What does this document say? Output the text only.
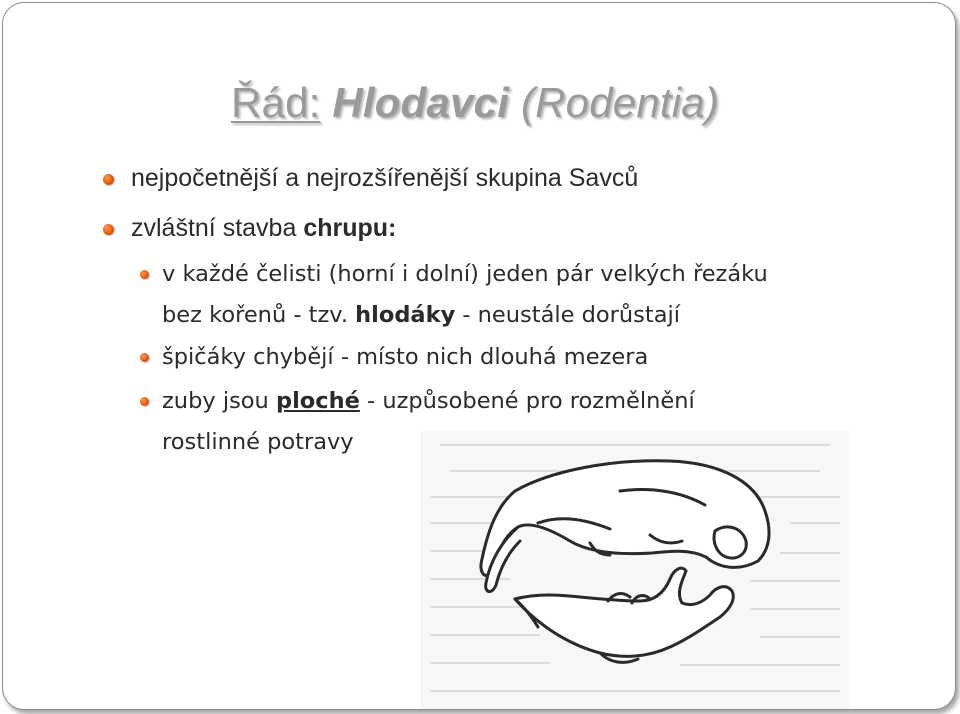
Řád: Hlodavci (Rodentia)
nejpočetnější a nejrozšířenější skupina Savců
zvláštní stavba chrupu:
v každé čelisti (horní i dolní) jeden pár velkých řezáku
bez kořenů - tzv. hlodáky - neustále dorůstají
špičáky chybějí - místo nich dlouhá mezera
zuby jsou ploché - uzpůsobené pro rozmělnění
rostlinné potravy
